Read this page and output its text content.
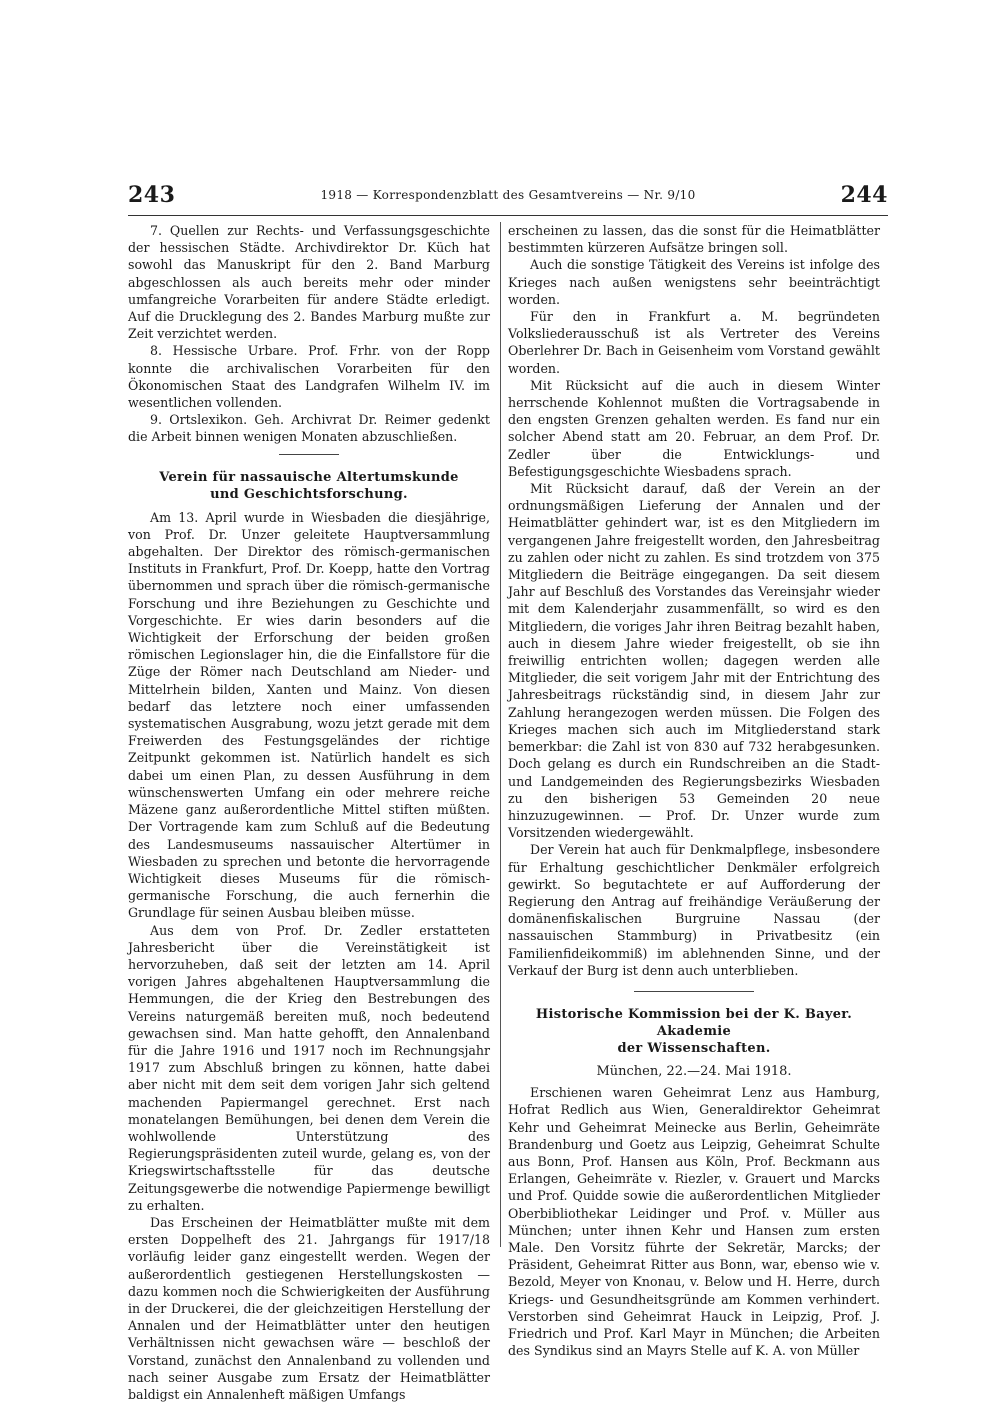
243	1918 — Korrespondenzblatt des Gesamtvereins — Nr. 9/10	244

7. Quellen zur Rechts- und Verfassungsgeschichte der hessischen Städte. Archivdirektor Dr. Küch hat sowohl das Manuskript für den 2. Band Marburg abgeschlossen als auch bereits mehr oder minder umfangreiche Vorarbeiten für andere Städte erledigt. Auf die Drucklegung des 2. Bandes Marburg mußte zur Zeit verzichtet werden.

8. Hessische Urbare. Prof. Frhr. von der Ropp konnte die archivalischen Vorarbeiten für den Ökonomischen Staat des Landgrafen Wilhelm IV. im wesentlichen vollenden.

9. Ortslexikon. Geh. Archivrat Dr. Reimer gedenkt die Arbeit binnen wenigen Monaten abzuschließen.

Verein für nassauische Altertumskunde
und Geschichtsforschung.

Am 13. April wurde in Wiesbaden die diesjährige, von Prof. Dr. Unzer geleitete Hauptversammlung abgehalten. Der Direktor des römisch-germanischen Instituts in Frankfurt, Prof. Dr. Koepp, hatte den Vortrag übernommen und sprach über die römisch-germanische Forschung und ihre Beziehungen zu Geschichte und Vorgeschichte. Er wies darin besonders auf die Wichtigkeit der Erforschung der beiden großen römischen Legionslager hin, die die Einfallstore für die Züge der Römer nach Deutschland am Nieder- und Mittelrhein bilden, Xanten und Mainz. Von diesen bedarf das letztere noch einer umfassenden systematischen Ausgrabung, wozu jetzt gerade mit dem Freiwerden des Festungsgeländes der richtige Zeitpunkt gekommen ist. Natürlich handelt es sich dabei um einen Plan, zu dessen Ausführung in dem wünschenswerten Umfang ein oder mehrere reiche Mäzene ganz außerordentliche Mittel stiften müßten. Der Vortragende kam zum Schluß auf die Bedeutung des Landesmuseums nassauischer Altertümer in Wiesbaden zu sprechen und betonte die hervorragende Wichtigkeit dieses Museums für die römisch-germanische Forschung, die auch fernerhin die Grundlage für seinen Ausbau bleiben müsse.

Aus dem von Prof. Dr. Zedler erstatteten Jahresbericht über die Vereinstätigkeit ist hervorzuheben, daß seit der letzten am 14. April vorigen Jahres abgehaltenen Hauptversammlung die Hemmungen, die der Krieg den Bestrebungen des Vereins naturgemäß bereiten muß, noch bedeutend gewachsen sind. Man hatte gehofft, den Annalenband für die Jahre 1916 und 1917 noch im Rechnungsjahr 1917 zum Abschluß bringen zu können, hatte dabei aber nicht mit dem seit dem vorigen Jahr sich geltend machenden Papiermangel gerechnet. Erst nach monatelangen Bemühungen, bei denen dem Verein die wohlwollende Unterstützung des Regierungspräsidenten zuteil wurde, gelang es, von der Kriegswirtschaftsstelle für das deutsche Zeitungsgewerbe die notwendige Papiermenge bewilligt zu erhalten.

Das Erscheinen der Heimatblätter mußte mit dem ersten Doppelheft des 21. Jahrgangs für 1917/18 vorläufig leider ganz eingestellt werden. Wegen der außerordentlich gestiegenen Herstellungskosten — dazu kommen noch die Schwierigkeiten der Ausführung in der Druckerei, die der gleichzeitigen Herstellung der Annalen und der Heimatblätter unter den heutigen Verhältnissen nicht gewachsen wäre — beschloß der Vorstand, zunächst den Annalenband zu vollenden und nach seiner Ausgabe zum Ersatz der Heimatblätter baldigst ein Annalenheft mäßigen Umfangs

erscheinen zu lassen, das die sonst für die Heimatblätter bestimmten kürzeren Aufsätze bringen soll.

Auch die sonstige Tätigkeit des Vereins ist infolge des Krieges nach außen wenigstens sehr beeinträchtigt worden.

Für den in Frankfurt a. M. begründeten Volksliederausschuß ist als Vertreter des Vereins Oberlehrer Dr. Bach in Geisenheim vom Vorstand gewählt worden.

Mit Rücksicht auf die auch in diesem Winter herrschende Kohlennot mußten die Vortragsabende in den engsten Grenzen gehalten werden. Es fand nur ein solcher Abend statt am 20. Februar, an dem Prof. Dr. Zedler über die Entwicklungs- und Befestigungsgeschichte Wiesbadens sprach.

Mit Rücksicht darauf, daß der Verein an der ordnungsmäßigen Lieferung der Annalen und der Heimatblätter gehindert war, ist es den Mitgliedern im vergangenen Jahre freigestellt worden, den Jahresbeitrag zu zahlen oder nicht zu zahlen. Es sind trotzdem von 375 Mitgliedern die Beiträge eingegangen. Da seit diesem Jahr auf Beschluß des Vorstandes das Vereinsjahr wieder mit dem Kalenderjahr zusammenfällt, so wird es den Mitgliedern, die voriges Jahr ihren Beitrag bezahlt haben, auch in diesem Jahre wieder freigestellt, ob sie ihn freiwillig entrichten wollen; dagegen werden alle Mitglieder, die seit vorigem Jahr mit der Entrichtung des Jahresbeitrags rückständig sind, in diesem Jahr zur Zahlung herangezogen werden müssen. Die Folgen des Krieges machen sich auch im Mitgliederstand stark bemerkbar: die Zahl ist von 830 auf 732 herabgesunken. Doch gelang es durch ein Rundschreiben an die Stadt- und Landgemeinden des Regierungsbezirks Wiesbaden zu den bisherigen 53 Gemeinden 20 neue hinzuzugewinnen. — Prof. Dr. Unzer wurde zum Vorsitzenden wiedergewählt.

Der Verein hat auch für Denkmalpflege, insbesondere für Erhaltung geschichtlicher Denkmäler erfolgreich gewirkt. So begutachtete er auf Aufforderung der Regierung den Antrag auf freihändige Veräußerung der domänenfiskalischen Burgruine Nassau (der nassauischen Stammburg) in Privatbesitz (ein Familienfideikommiß) im ablehnenden Sinne, und der Verkauf der Burg ist denn auch unterblieben.

Historische Kommission bei der K. Bayer. Akademie
der Wissenschaften.
München, 22.—24. Mai 1918.

Erschienen waren Geheimrat Lenz aus Hamburg, Hofrat Redlich aus Wien, Generaldirektor Geheimrat Kehr und Geheimrat Meinecke aus Berlin, Geheimräte Brandenburg und Goetz aus Leipzig, Geheimrat Schulte aus Bonn, Prof. Hansen aus Köln, Prof. Beckmann aus Erlangen, Geheimräte v. Riezler, v. Grauert und Marcks und Prof. Quidde sowie die außerordentlichen Mitglieder Oberbibliothekar Leidinger und Prof. v. Müller aus München; unter ihnen Kehr und Hansen zum ersten Male. Den Vorsitz führte der Sekretär, Marcks; der Präsident, Geheimrat Ritter aus Bonn, war, ebenso wie v. Bezold, Meyer von Knonau, v. Below und H. Herre, durch Kriegs- und Gesundheitsgründe am Kommen verhindert. Verstorben sind Geheimrat Hauck in Leipzig, Prof. J. Friedrich und Prof. Karl Mayr in München; die Arbeiten des Syndikus sind an Mayrs Stelle auf K. A. von Müller
